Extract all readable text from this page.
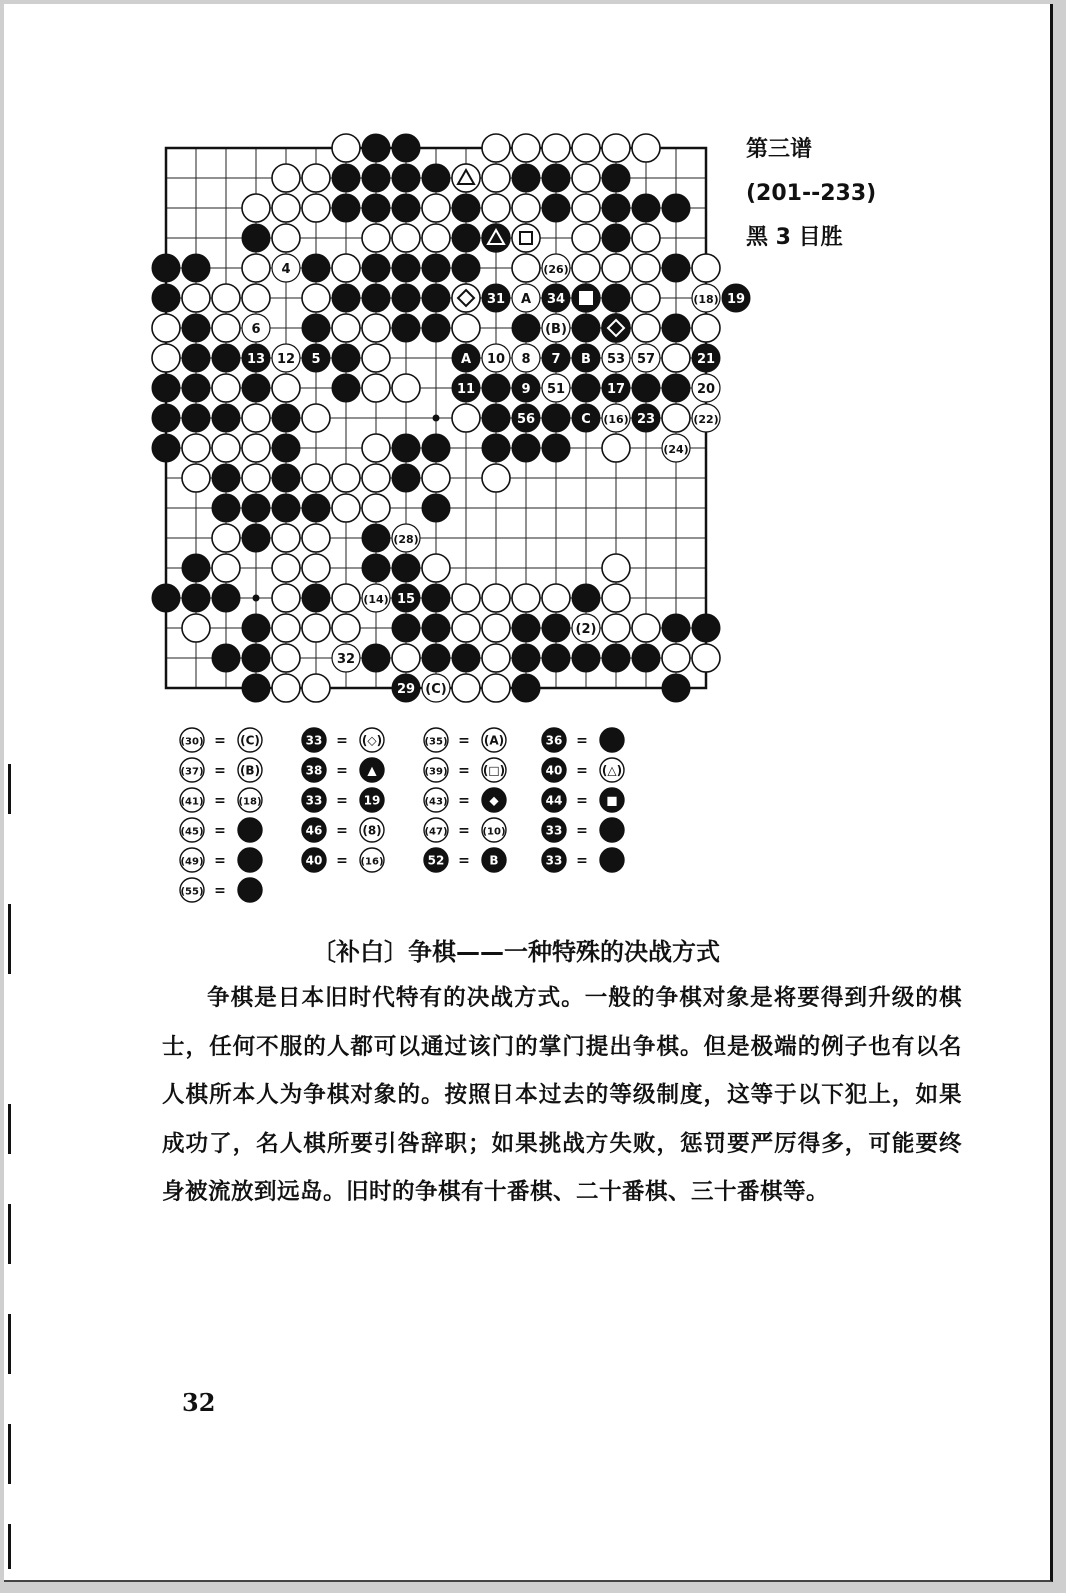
4	(26)
31 A 34	(18) 19
6	(B)
13 12 5	A 10 8 7 B 53 57	21
11	9 51	17	20
56	C (16) 23	(22)
(24)
(28)
(14) 15
(2)
32
29 (C)
第三谱
(201--233)
黑 3 目胜
(30) = (C)	33 = (◇)	(35) = (A)	36 =
(37) = (B)	38 = ▲	(39) = (□)	40 = (△)
(41) = (18)	33 = 19	(43) = ◆	44 = ■
(45) =	46 = (8)	(47) = (10)	33 =
(49) =	40 = (16)	52 = B	33 =
(55) =
〔补白〕争棋——一种特殊的决战方式
争棋是日本旧时代特有的决战方式。一般的争棋对象是将要得到升级的棋士，任何不服的人都可以通过该门的掌门提出争棋。但是极端的例子也有以名人棋所本人为争棋对象的。按照日本过去的等级制度，这等于以下犯上，如果成功了，名人棋所要引咎辞职；如果挑战方失败，惩罚要严厉得多，可能要终身被流放到远岛。旧时的争棋有十番棋、二十番棋、三十番棋等。
32
